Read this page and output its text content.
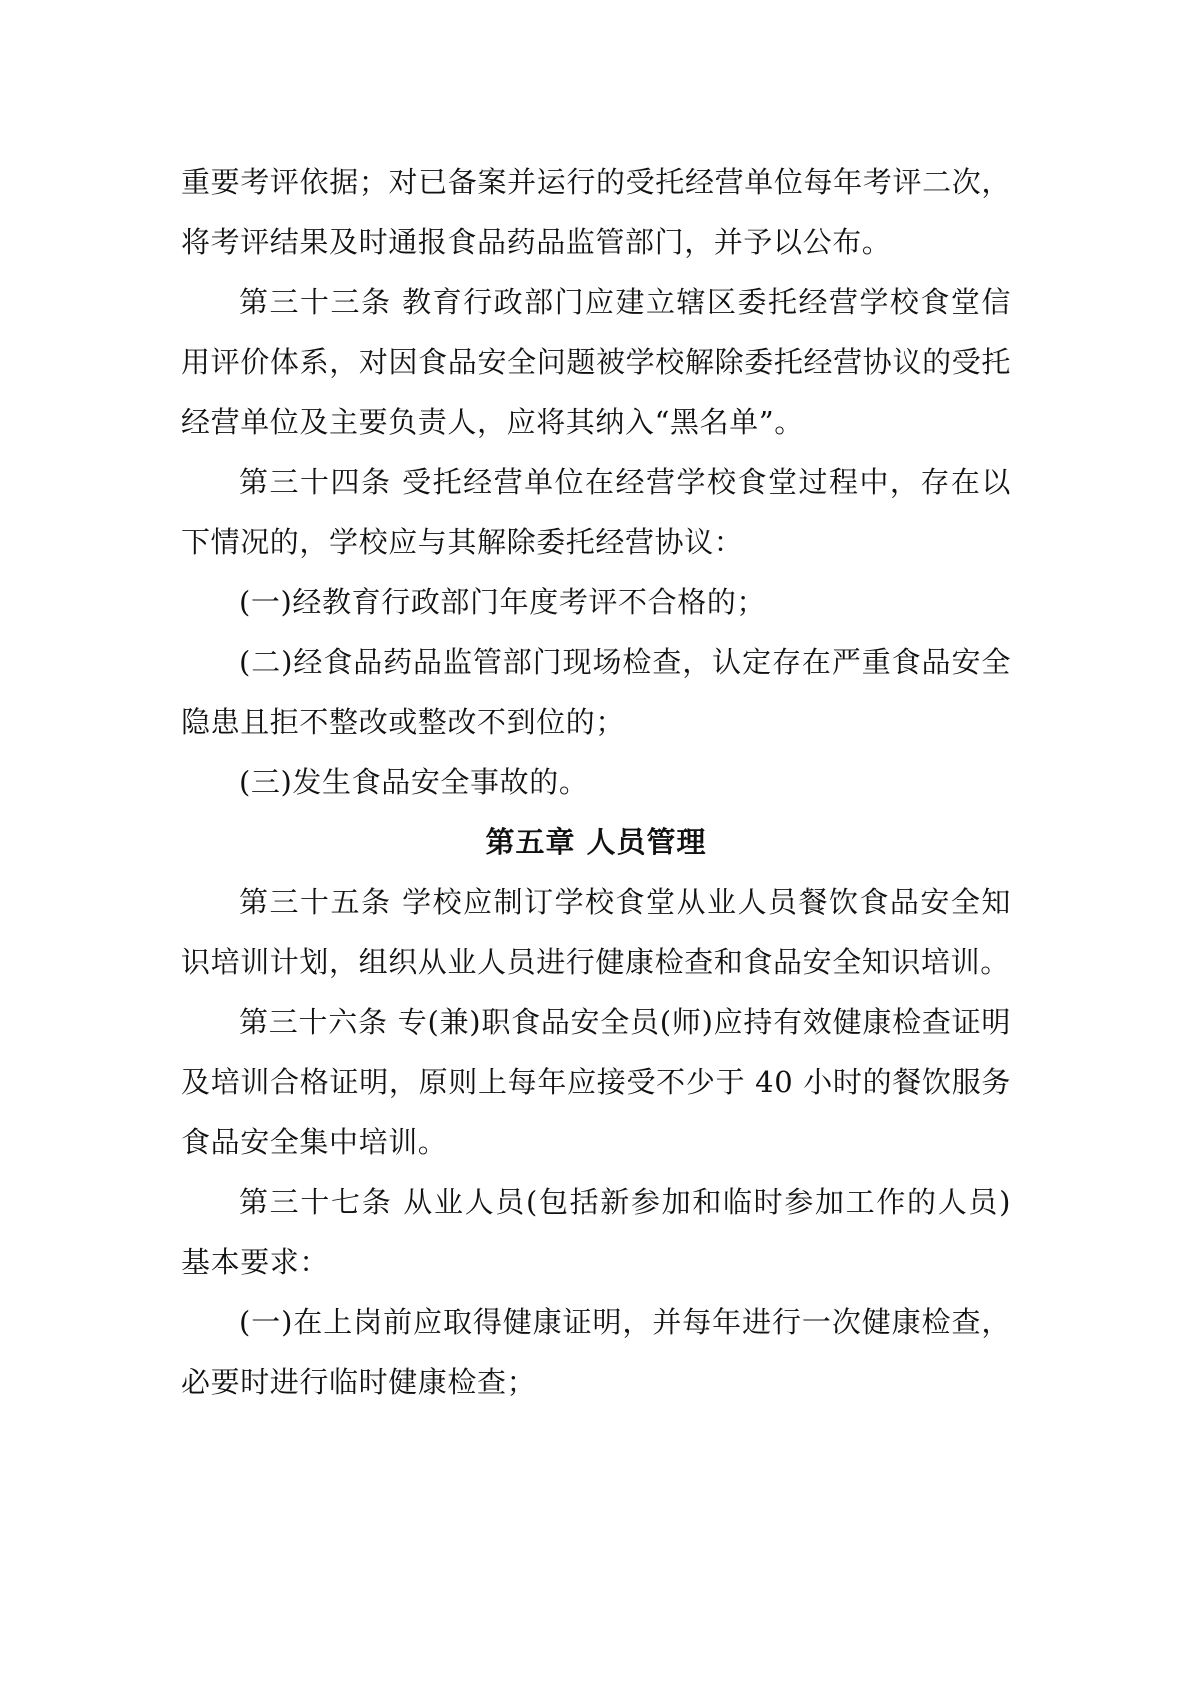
重要考评依据；对已备案并运行的受托经营单位每年考评二次，将考评结果及时通报食品药品监管部门，并予以公布。

第三十三条 教育行政部门应建立辖区委托经营学校食堂信用评价体系，对因食品安全问题被学校解除委托经营协议的受托经营单位及主要负责人，应将其纳入“黑名单”。

第三十四条 受托经营单位在经营学校食堂过程中，存在以下情况的，学校应与其解除委托经营协议：

(一)经教育行政部门年度考评不合格的；

(二)经食品药品监管部门现场检查，认定存在严重食品安全隐患且拒不整改或整改不到位的；

(三)发生食品安全事故的。

第五章 人员管理

第三十五条 学校应制订学校食堂从业人员餐饮食品安全知识培训计划，组织从业人员进行健康检查和食品安全知识培训。

第三十六条 专(兼)职食品安全员(师)应持有效健康检查证明及培训合格证明，原则上每年应接受不少于 40 小时的餐饮服务食品安全集中培训。

第三十七条 从业人员(包括新参加和临时参加工作的人员)基本要求：

(一)在上岗前应取得健康证明，并每年进行一次健康检查，必要时进行临时健康检查；
